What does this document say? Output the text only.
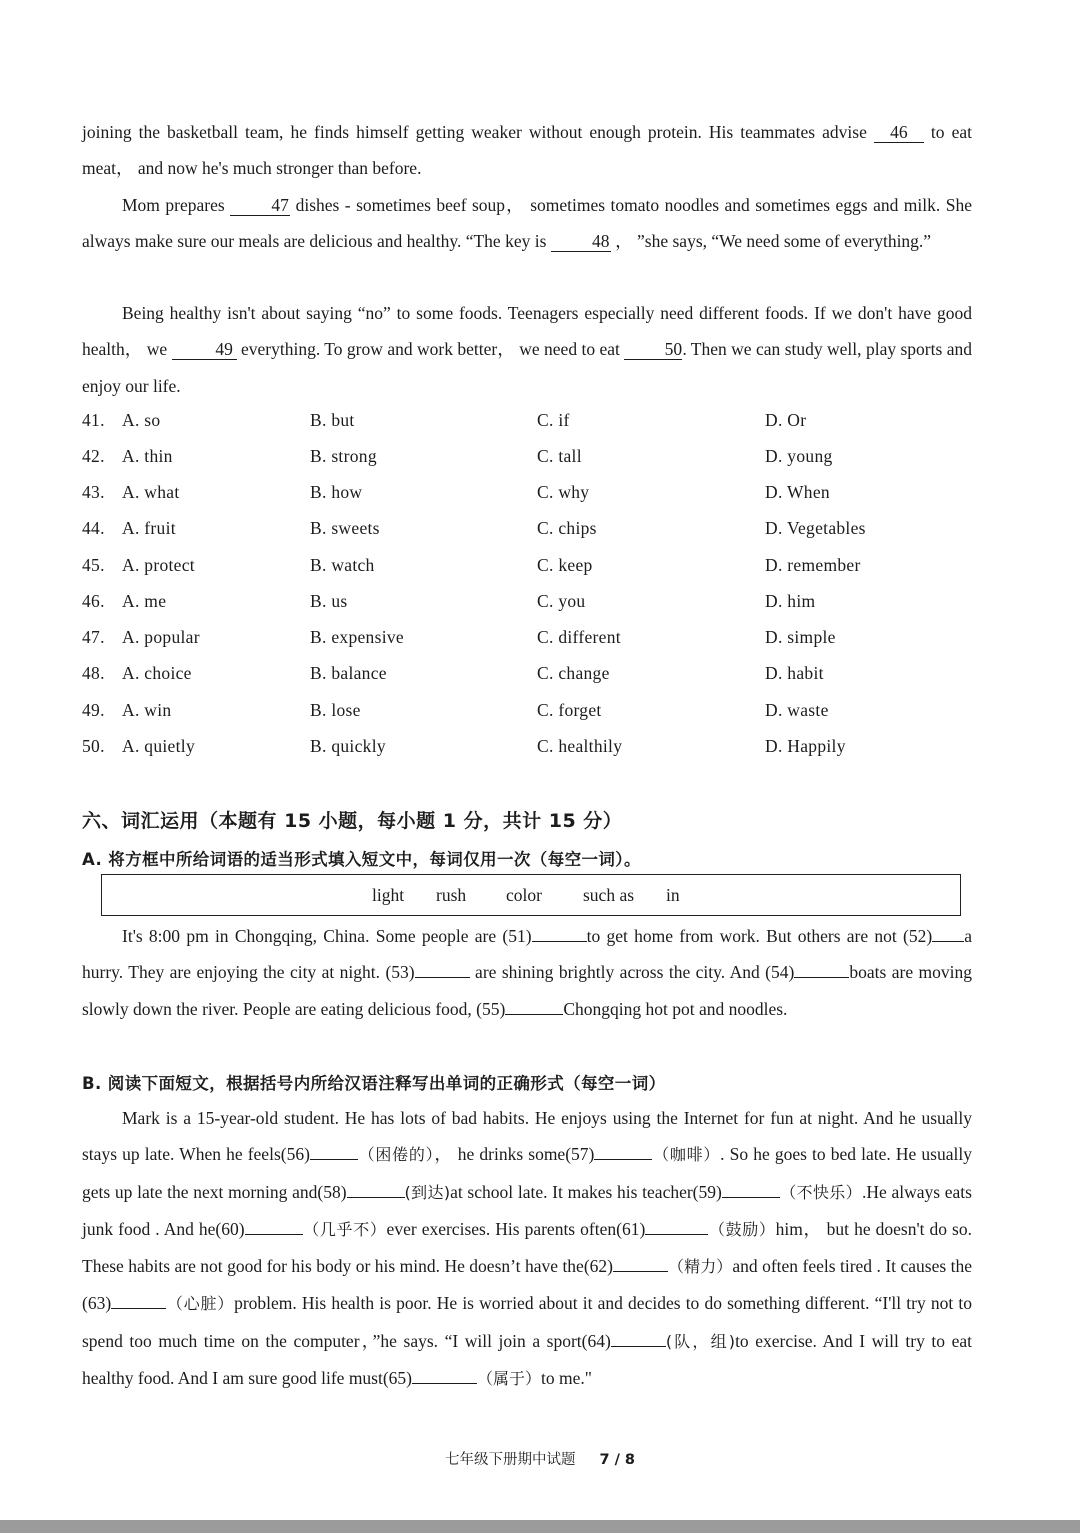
joining the basketball team, he finds himself getting weaker without enough protein. His teammates advise 46 to eat meat， and now he's much stronger than before.
Mom prepares 47 dishes - sometimes beef soup， sometimes tomato noodles and sometimes eggs and milk. She always make sure our meals are delicious and healthy. “The key is 48 ， ”she says, “We need some of everything.”
Being healthy isn't about saying “no” to some foods. Teenagers especially need different foods. If we don't have good health， we	49 everything. To grow and work better， we need to eat 50. Then we can study well, play sports and enjoy our life.
41. A. so	B. but	C. if	D. Or
42. A. thin	B. strong	C. tall	D. young
43. A. what	B. how	C. why	D. When
44. A. fruit	B. sweets	C. chips	D. Vegetables
45. A. protect	B. watch	C. keep	D. remember
46. A. me	B. us	C. you	D. him
47. A. popular	B. expensive	C. different	D. simple
48. A. choice	B. balance	C. change	D. habit
49. A. win	B. lose	C. forget	D. waste
50. A. quietly	B. quickly	C. healthily	D. Happily
六、词汇运用（本题有 15 小题，每小题 1 分，共计 15 分）
A. 将方框中所给词语的适当形式填入短文中，每词仅用一次（每空一词）。
light rush color such as in
It's 8:00 pm in Chongqing, China. Some people are (51)	to get home from work. But others are not (52) a hurry. They are enjoying the city at night. (53)	are shining brightly across the city. And (54)	boats are moving slowly down the river. People are eating delicious food, (55)	Chongqing hot pot and noodles.
B. 阅读下面短文，根据括号内所给汉语注释写出单词的正确形式（每空一词）
Mark is a 15-year-old student. He has lots of bad habits. He enjoys using the Internet for fun at night. And he usually stays up late. When he feels(56)	（困倦的）， he drinks some(57)	（咖啡）. So he goes to bed late. He usually gets up late the next morning and(58)	(到达)at school late. It makes his teacher(59)	（不快乐）.He always eats junk food . And he(60)	（几乎不）ever exercises. His parents often(61)	（鼓励）him， but he doesn't do so. These habits are not good for his body or his mind. He doesn’t have the(62)	（精力）and often feels tired . It causes the (63)	（心脏）problem. His health is poor. He is worried about it and decides to do something different. “I'll try not to spend too much time on the computer，”he says. “I will join a sport(64)	(队，组)to exercise. And I will try to eat healthy food. And I am sure good life must(65)	（属于）to me."
七年级下册期中试题 7 / 8
